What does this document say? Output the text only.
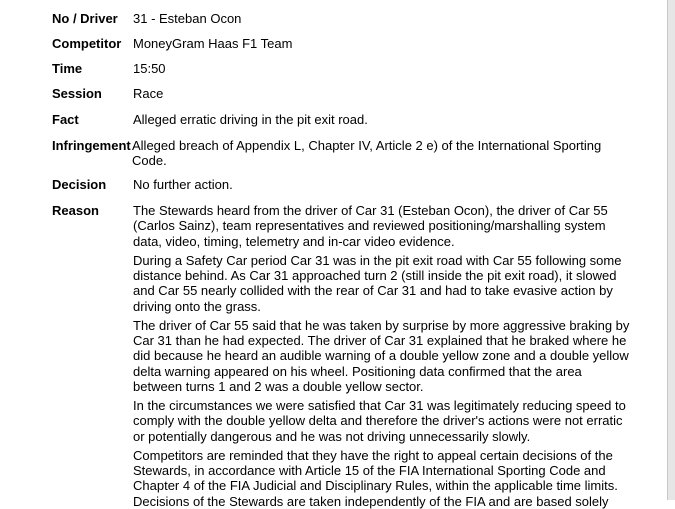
No / Driver 31 - Esteban Ocon
Competitor MoneyGram Haas F1 Team
Time	15:50
Session Race
Fact	Alleged erratic driving in the pit exit road.
Infringement Alleged breach of Appendix L, Chapter IV, Article 2 e) of the International Sporting Code.
Decision No further action.
Reason	The Stewards heard from the driver of Car 31 (Esteban Ocon), the driver of Car 55 (Carlos Sainz), team representatives and reviewed positioning/marshalling system data, video, timing, telemetry and in-car video evidence.

During a Safety Car period Car 31 was in the pit exit road with Car 55 following some distance behind. As Car 31 approached turn 2 (still inside the pit exit road), it slowed and Car 55 nearly collided with the rear of Car 31 and had to take evasive action by driving onto the grass.

The driver of Car 55 said that he was taken by surprise by more aggressive braking by Car 31 than he had expected. The driver of Car 31 explained that he braked where he did because he heard an audible warning of a double yellow zone and a double yellow delta warning appeared on his wheel. Positioning data confirmed that the area between turns 1 and 2 was a double yellow sector.

In the circumstances we were satisfied that Car 31 was legitimately reducing speed to comply with the double yellow delta and therefore the driver's actions were not erratic or potentially dangerous and he was not driving unnecessarily slowly.

Competitors are reminded that they have the right to appeal certain decisions of the Stewards, in accordance with Article 15 of the FIA International Sporting Code and Chapter 4 of the FIA Judicial and Disciplinary Rules, within the applicable time limits.

Decisions of the Stewards are taken independently of the FIA and are based solely
